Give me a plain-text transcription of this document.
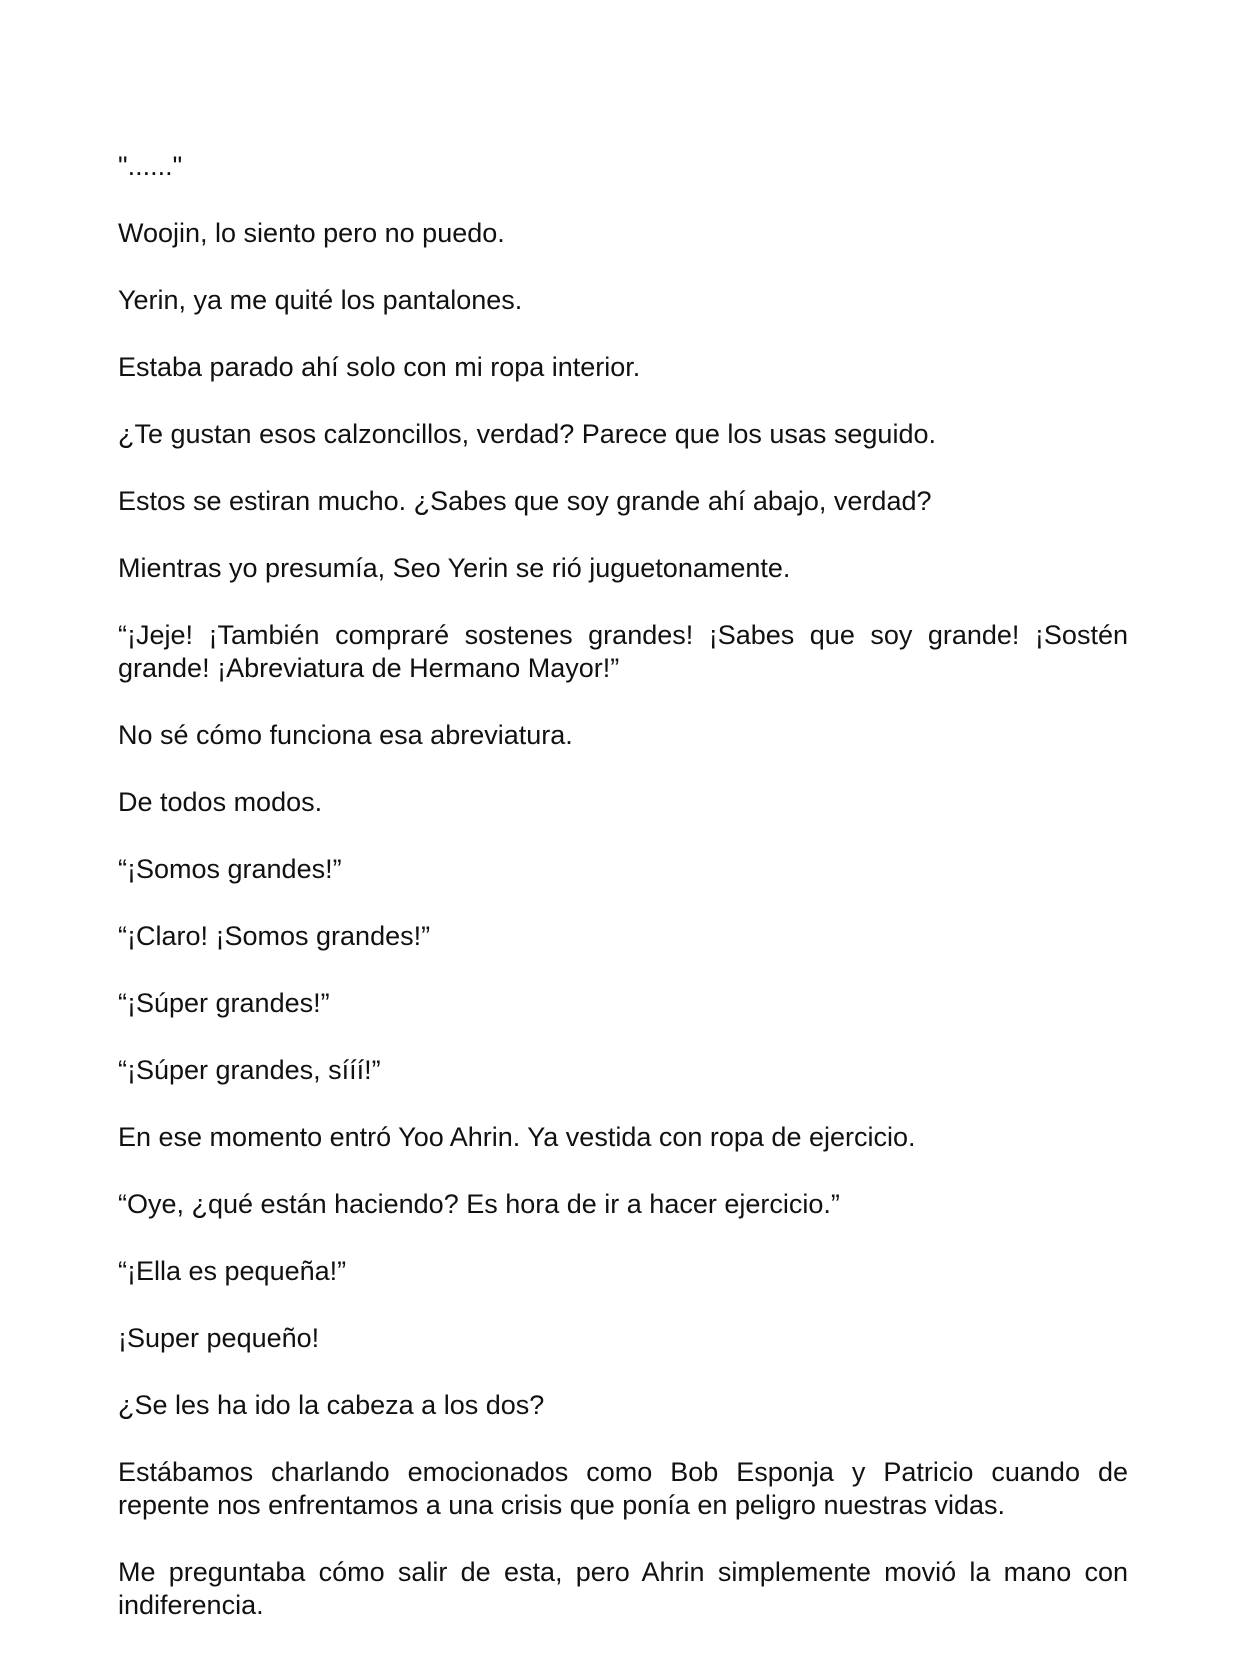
"......"

Woojin, lo siento pero no puedo.

Yerin, ya me quité los pantalones.

Estaba parado ahí solo con mi ropa interior.

¿Te gustan esos calzoncillos, verdad? Parece que los usas seguido.

Estos se estiran mucho. ¿Sabes que soy grande ahí abajo, verdad?

Mientras yo presumía, Seo Yerin se rió juguetonamente.

“¡Jeje! ¡También compraré sostenes grandes! ¡Sabes que soy grande! ¡Sostén grande! ¡Abreviatura de Hermano Mayor!”

No sé cómo funciona esa abreviatura.

De todos modos.

“¡Somos grandes!”

“¡Claro! ¡Somos grandes!”

“¡Súper grandes!”

“¡Súper grandes, sííí!”

En ese momento entró Yoo Ahrin. Ya vestida con ropa de ejercicio.

“Oye, ¿qué están haciendo? Es hora de ir a hacer ejercicio.”

“¡Ella es pequeña!”

¡Super pequeño!

¿Se les ha ido la cabeza a los dos?

Estábamos charlando emocionados como Bob Esponja y Patricio cuando de repente nos enfrentamos a una crisis que ponía en peligro nuestras vidas.

Me preguntaba cómo salir de esta, pero Ahrin simplemente movió la mano con indiferencia.
